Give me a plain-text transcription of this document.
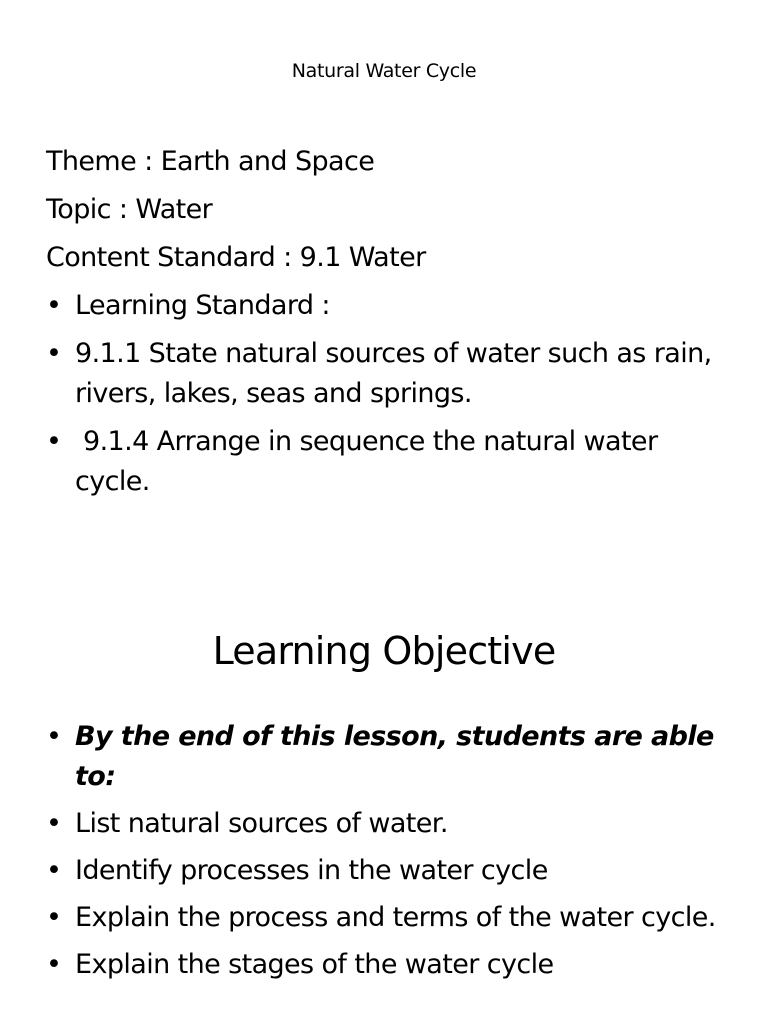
Natural Water Cycle
Theme : Earth and Space
Topic : Water
Content Standard : 9.1 Water
• Learning Standard :
• 9.1.1 State natural sources of water such as rain, rivers, lakes, seas and springs.
• 9.1.4 Arrange in sequence the natural water cycle.
Learning Objective
• By the end of this lesson, students are able to:
• List natural sources of water.
• Identify processes in the water cycle
• Explain the process and terms of the water cycle.
• Explain the stages of the water cycle
